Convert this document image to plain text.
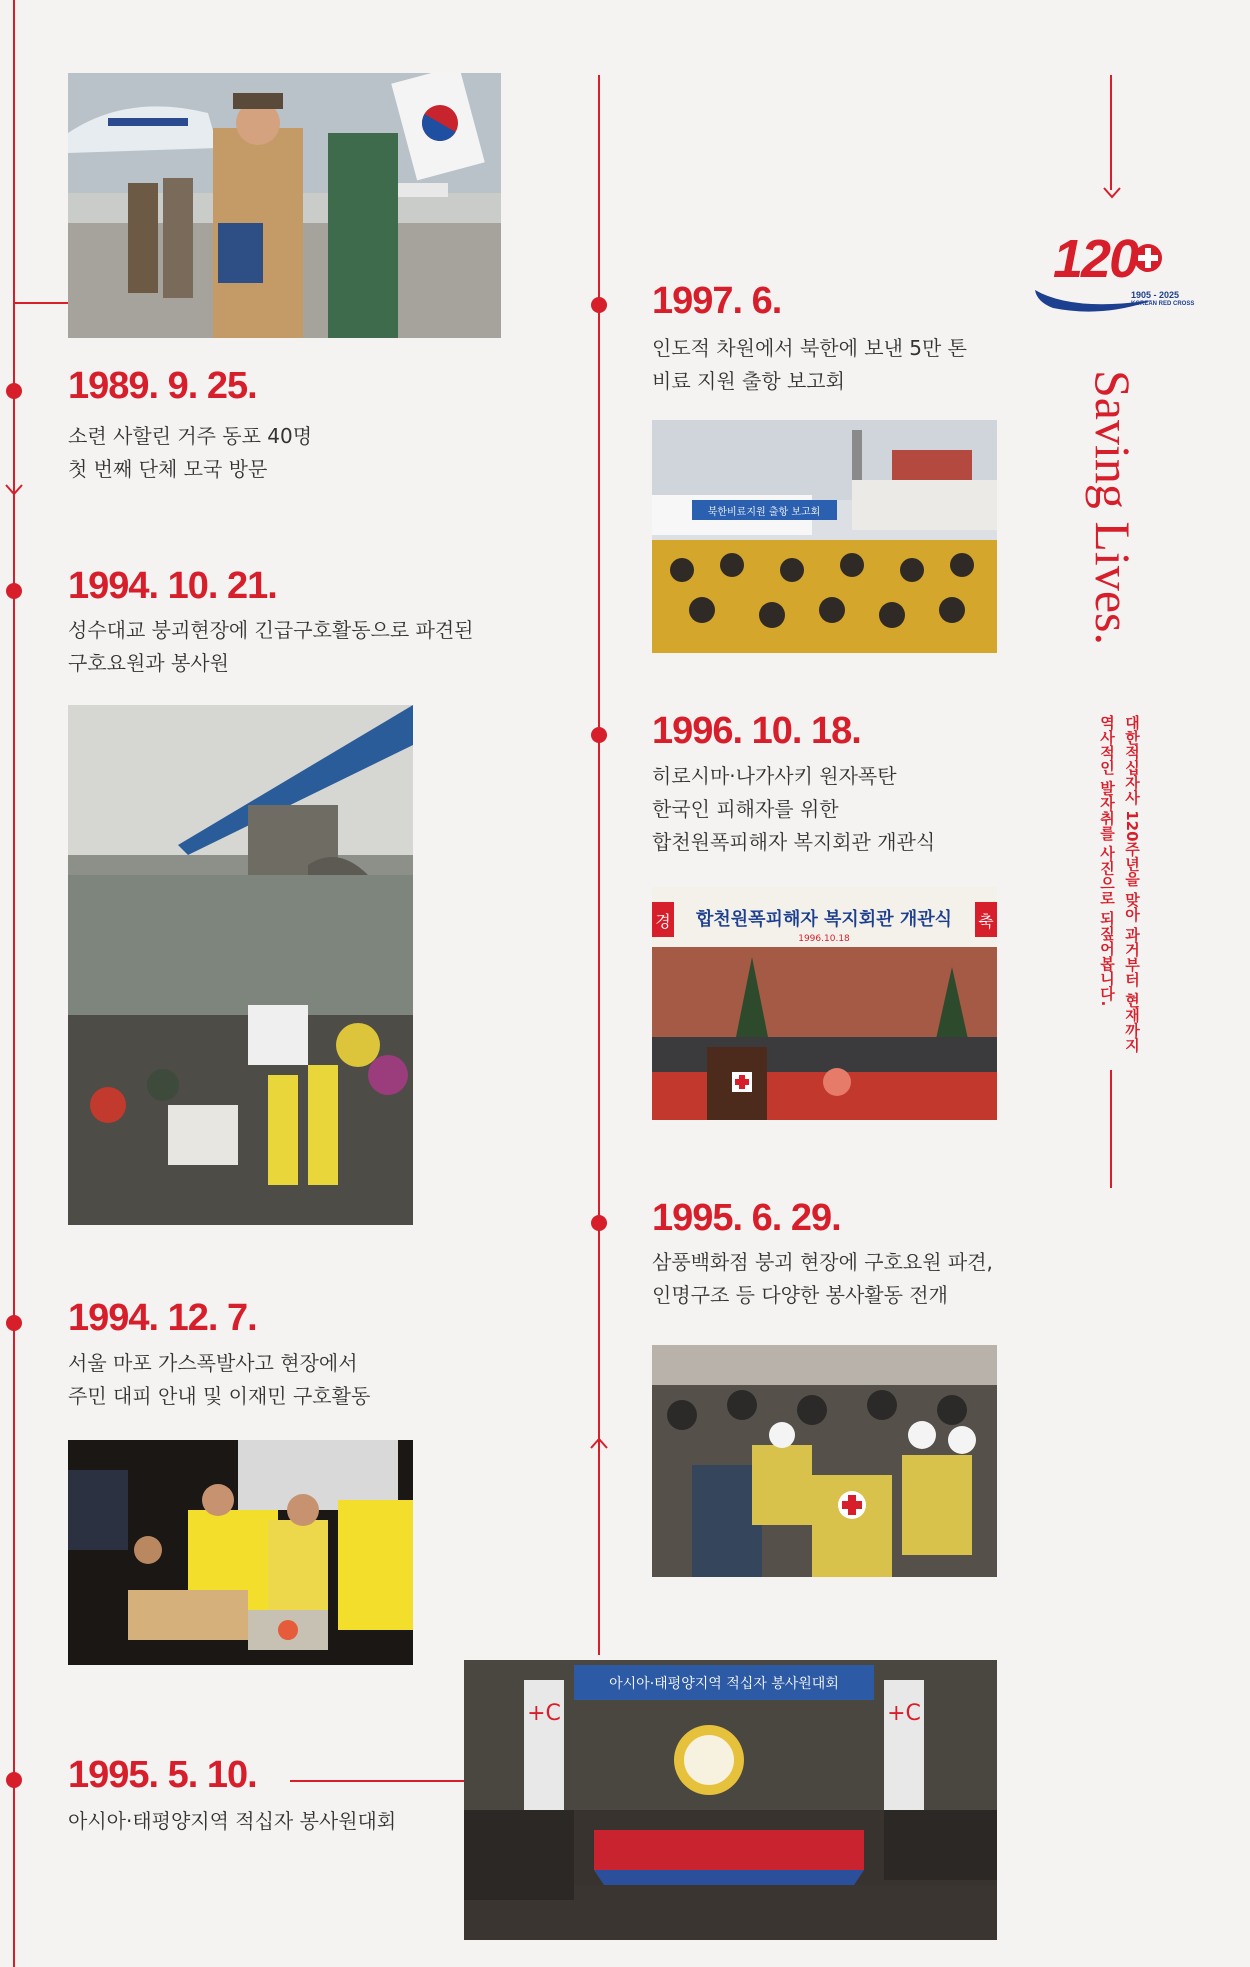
1989. 9. 25.
소련 사할린 거주 동포 40명
첫 번째 단체 모국 방문
1994. 10. 21.
성수대교 붕괴현장에 긴급구호활동으로 파견된
구호요원과 봉사원
1994. 12. 7.
서울 마포 가스폭발사고 현장에서
주민 대피 안내 및 이재민 구호활동
1995. 5. 10.
아시아·태평양지역 적십자 봉사원대회
1997. 6.
인도적 차원에서 북한에 보낸 5만 톤
비료 지원 출항 보고회
1996. 10. 18.
히로시마·나가사키 원자폭탄
한국인 피해자를 위한
합천원폭피해자 복지회관 개관식
1995. 6. 29.
삼풍백화점 붕괴 현장에 구호요원 파견,
인명구조 등 다양한 봉사활동 전개
아시아·태평양지역 적십자 봉사원대회
+C	+C
북한비료지원 출항 보고회
경	축
합천원폭피해자 복지회관 개관식
1996.10.18
120
1905 - 2025
KOREAN RED CROSS
Saving Lives.
대한적십자사 120주년을 맞아 과거부터 현재까지
역사적인 발자취를 사진으로 되짚어봅니다.
